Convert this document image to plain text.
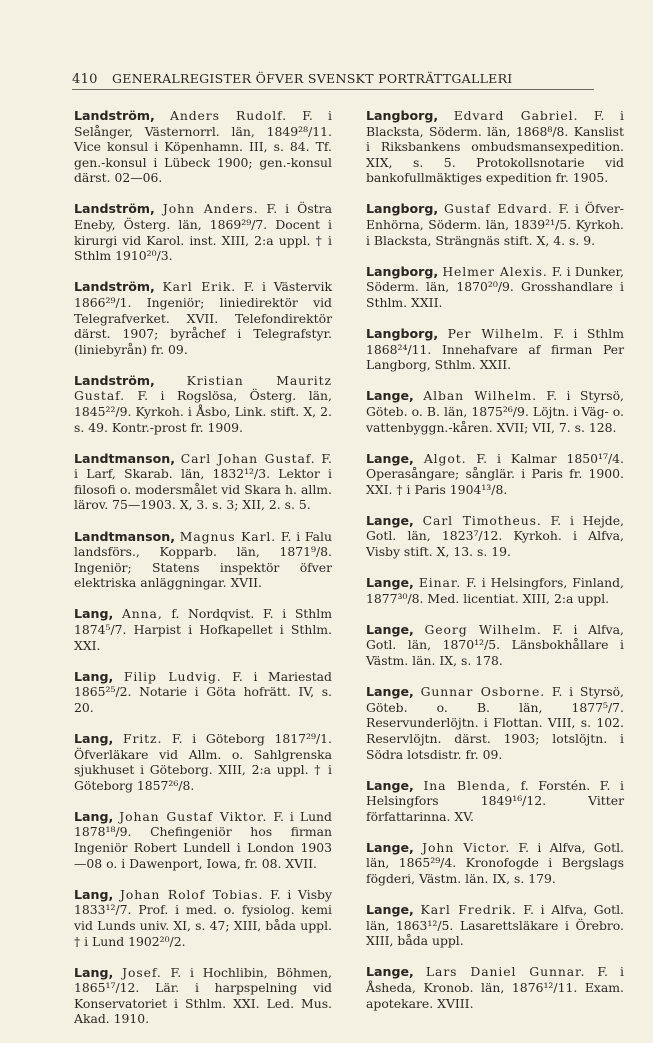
410 GENERALREGISTER ÖFVER SVENSKT PORTRÄTTGALLERI

Landström, Anders Rudolf. F. i Selånger, Västernorrl. län, 1849²⁸/11. Vice konsul i Köpenhamn. III, s. 84. Tf. gen.-konsul i Lübeck 1900; gen.-konsul därst. 02—06.

Landström, John Anders. F. i Östra Eneby, Österg. län, 1869²⁹/7. Docent i kirurgi vid Karol. inst. XIII, 2:a uppl. † i Sthlm 1910²⁰/3.

Landström, Karl Erik. F. i Västervik 1866²⁹/1. Ingeniör; liniedirektör vid Telegrafverket. XVII. Telefondirektör därst. 1907; byråchef i Telegrafstyr. (liniebyrån) fr. 09.

Landström,	Kristian Mauritz Gustaf. F. i Rogslösa, Österg. län, 1845²²/9. Kyrkoh. i Åsbo, Link. stift. X, 2. s. 49. Kontr.-prost fr. 1909.

Landtmanson, Carl Johan Gustaf. F. i Larf, Skarab. län, 1832¹²/3. Lektor i filosofi o. modersmålet vid Skara h. allm. lärov. 75—1903. X, 3. s. 3; XII, 2. s. 5.

Landtmanson, Magnus Karl. F. i Falu landsförs., Kopparb. län, 1871⁹/8. Ingeniör; Statens inspektör öfver elektriska anläggningar. XVII.

Lang, Anna, f. Nordqvist. F. i Sthlm 1874⁵/7. Harpist i Hofkapellet i Sthlm. XXI.

Lang, Filip Ludvig. F. i Mariestad 1865²⁵/2. Notarie i Göta hofrätt. IV, s. 20.

Lang, Fritz. F. i Göteborg 1817²⁹/1. Öfverläkare vid Allm. o. Sahlgrenska sjukhuset i Göteborg. XIII, 2:a uppl. † i Göteborg 1857²⁶/8.

Lang, Johan Gustaf Viktor. F. i Lund 1878¹⁸/9. Chefingeniör hos firman Ingeniör Robert Lundell i London 1903—08 o. i Dawenport, Iowa, fr. 08. XVII.

Lang, Johan Rolof Tobias. F. i Visby 1833¹²/7. Prof. i med. o. fysiolog. kemi vid Lunds univ. XI, s. 47; XIII, båda uppl. † i Lund 1902²⁰/2.

Lang, Josef. F. i Hochlibin, Böhmen, 1865¹⁷/12. Lär. i harpspelning vid Konservatoriet i Sthlm. XXI. Led. Mus. Akad. 1910.

Langborg, Edvard Gabriel. F. i Blacksta, Söderm. län, 1868⁸/8. Kanslist i Riksbankens ombudsmansexpedition. XIX, s. 5. Protokollsnotarie vid bankofullmäktiges expedition fr. 1905.

Langborg, Gustaf Edvard. F. i Öfver-Enhörna, Söderm. län, 1839²¹/5. Kyrkoh. i Blacksta, Strängnäs stift. X, 4. s. 9.

Langborg, Helmer Alexis. F. i Dunker, Söderm. län, 1870²⁰/9. Grosshandlare i Sthlm. XXII.

Langborg, Per Wilhelm. F. i Sthlm 1868²⁴/11. Innehafvare af firman Per Langborg, Sthlm. XXII.

Lange, Alban Wilhelm. F. i Styrsö, Göteb. o. B. län, 1875²⁶/9. Löjtn. i Väg- o. vattenbyggn.-kåren. XVII; VII, 7. s. 128.

Lange, Algot. F. i Kalmar 1850¹⁷/4. Operasångare; sånglär. i Paris fr. 1900. XXI. † i Paris 1904¹³/8.

Lange, Carl Timotheus. F. i Hejde, Gotl. län, 1823⁷/12. Kyrkoh. i Alfva, Visby stift. X, 13. s. 19.

Lange, Einar. F. i Helsingfors, Finland, 1877³⁰/8. Med. licentiat. XIII, 2:a uppl.

Lange, Georg Wilhelm. F. i Alfva, Gotl. län, 1870¹²/5. Länsbokhållare i Västm. län. IX, s. 178.

Lange, Gunnar Osborne. F. i Styrsö, Göteb. o. B. län, 1877⁵/7. Reservunderlöjtn. i Flottan. VIII, s. 102. Reservlöjtn. därst. 1903; lotslöjtn. i Södra lotsdistr. fr. 09.

Lange, Ina Blenda, f. Forstén. F. i Helsingfors 1849¹⁶/12. Vitter författarinna. XV.

Lange, John Victor. F. i Alfva, Gotl. län, 1865²⁹/4. Kronofogde i Bergslags fögderi, Västm. län. IX, s. 179.

Lange, Karl Fredrik. F. i Alfva, Gotl. län, 1863¹²/5. Lasarettsläkare i Örebro. XIII, båda uppl.

Lange, Lars Daniel Gunnar. F. i Åsheda, Kronob. län, 1876¹²/11. Exam. apotekare. XVIII.
